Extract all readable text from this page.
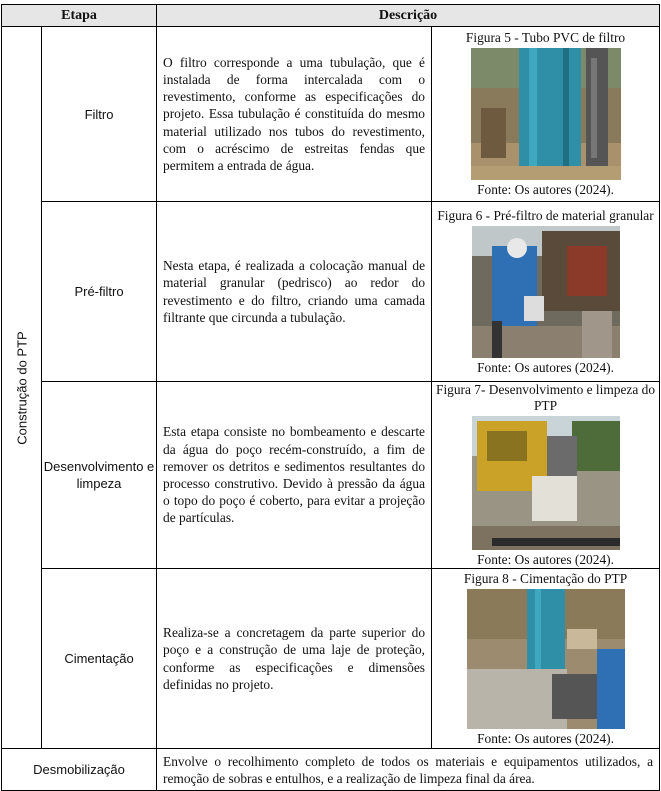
Etapa		Descrição	

Construção do PTP	Filtro	O filtro corresponde a uma tubulação, que é instalada de forma intercalada com o revestimento, conforme as especificações do projeto. Essa tubulação é constituída do mesmo material utilizado nos tubos do revestimento, com o acréscimo de estreitas fendas que permitem a entrada de água.	Figura 5 - Tubo PVC de filtro
Fonte: Os autores (2024).

	Pré-filtro	Nesta etapa, é realizada a colocação manual de material granular (pedrisco) ao redor do revestimento e do filtro, criando uma camada filtrante que circunda a tubulação.	Figura 6 - Pré-filtro de material granular
Fonte: Os autores (2024).

	Desenvolvimento e limpeza	Esta etapa consiste no bombeamento e descarte da água do poço recém-construído, a fim de remover os detritos e sedimentos resultantes do processo construtivo. Devido à pressão da água o topo do poço é coberto, para evitar a projeção de partículas.	Figura 7- Desenvolvimento e limpeza do PTP
Fonte: Os autores (2024).

	Cimentação	Realiza-se a concretagem da parte superior do poço e a construção de uma laje de proteção, conforme as especificações e dimensões definidas no projeto.	Figura 8 - Cimentação do PTP
Fonte: Os autores (2024).

Desmobilização		Envolve o recolhimento completo de todos os materiais e equipamentos utilizados, a remoção de sobras e entulhos, e a realização de limpeza final da área.	
